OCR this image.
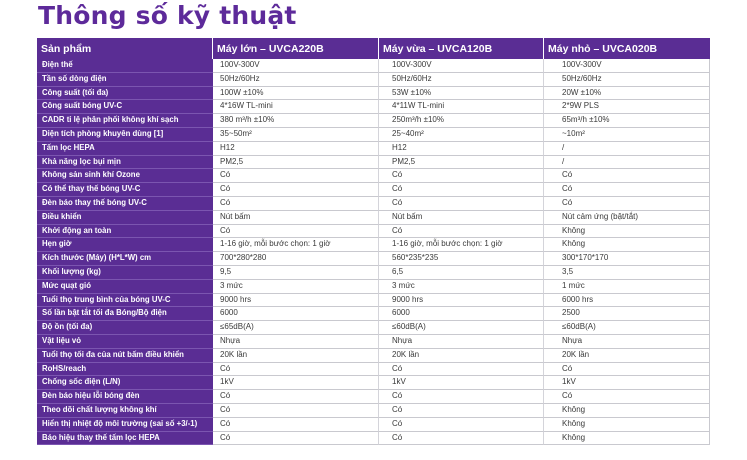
Thông số kỹ thuật
Sản phẩm	Máy lớn – UVCA220B	Máy vừa – UVCA120B	Máy nhỏ – UVCA020B
Điện thế	100V-300V	100V-300V	100V-300V
Tần số dòng điện	50Hz/60Hz	50Hz/60Hz	50Hz/60Hz
Công suất (tối đa)	100W ±10%	53W ±10%	20W ±10%
Công suất bóng UV-C	4*16W TL-mini	4*11W TL-mini	2*9W PLS
CADR tỉ lệ phân phối không khí sạch	380 m³/h ±10%	250m³/h ±10%	65m³/h ±10%
Diện tích phòng khuyên dùng [1]	35~50m²	25~40m²	~10m²
Tấm lọc HEPA	H12	H12	/
Khả năng lọc bụi mịn	PM2,5	PM2,5	/
Không sản sinh khí Ozone	Có	Có	Có
Có thể thay thế bóng UV-C	Có	Có	Có
Đèn báo thay thế bóng UV-C	Có	Có	Có
Điều khiển	Nút bấm	Nút bấm	Nút cảm ứng (bật/tắt)
Khởi động an toàn	Có	Có	Không
Hẹn giờ	1-16 giờ, mỗi bước chọn: 1 giờ	1-16 giờ, mỗi bước chọn: 1 giờ	Không
Kích thước (Máy) (H*L*W) cm	700*280*280	560*235*235	300*170*170
Khối lượng (kg)	9,5	6,5	3,5
Mức quạt gió	3 mức	3 mức	1 mức
Tuổi thọ trung bình của bóng UV-C	9000 hrs	9000 hrs	6000 hrs
Số lần bật tắt tối đa Bóng/Bộ điện	6000	6000	2500
Độ ồn (tối đa)	≤65dB(A)	≤60dB(A)	≤60dB(A)
Vật liệu vỏ	Nhựa	Nhựa	Nhựa
Tuổi thọ tối đa của nút bấm điều khiển	20K lần	20K lần	20K lần
RoHS/reach	Có	Có	Có
Chống sốc điện (L/N)	1kV	1kV	1kV
Đèn báo hiệu lỗi bóng đèn	Có	Có	Có
Theo dõi chất lượng không khí	Có	Có	Không
Hiển thị nhiệt độ môi trường (sai số +3/-1)	Có	Có	Không
Báo hiệu thay thế tấm lọc HEPA	Có	Có	Không
